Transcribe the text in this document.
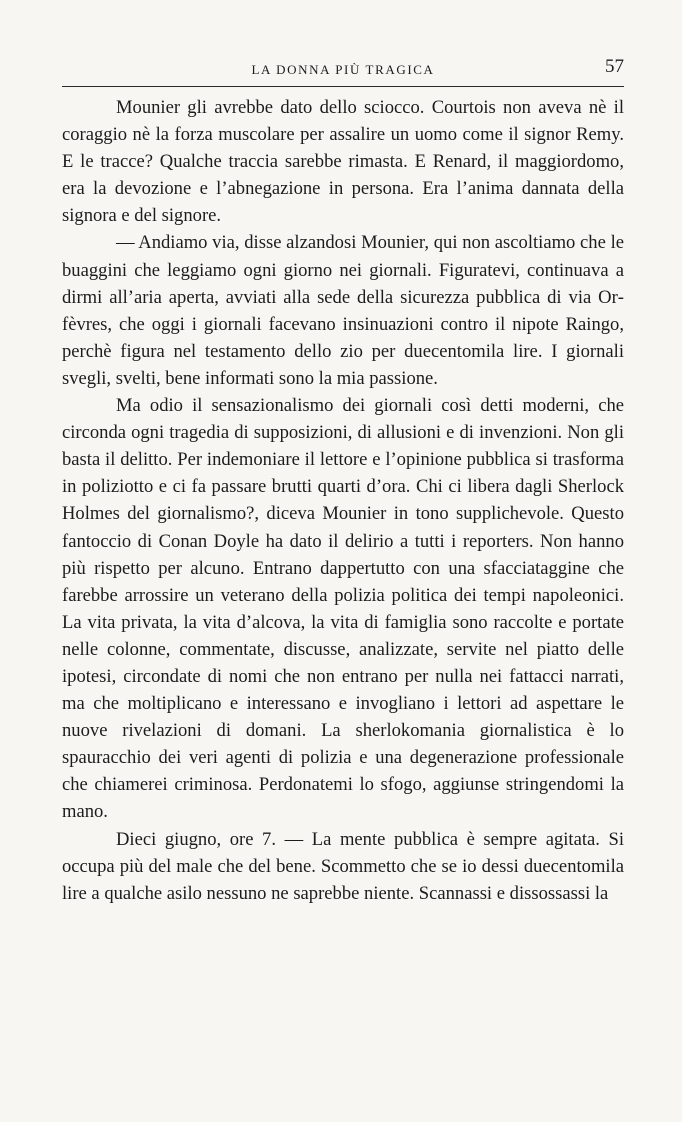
LA DONNA PIÙ TRAGICA	57

Mounier gli avrebbe dato dello sciocco. Courtois non aveva nè il coraggio nè la forza muscolare per assalire un uomo come il signor Remy. E le tracce? Qualche traccia sarebbe rimasta. E Renard, il maggiordomo, era la devozione e l’abnegazione in persona. Era l’anima dannata della signora e del signore.

— Andiamo via, disse alzandosi Mounier, qui non ascoltiamo che le buaggini che leggiamo ogni giorno nei giornali. Figuratevi, continuava a dirmi all’aria aperta, avviati alla sede della sicurezza pubblica di via Orfèvres, che oggi i giornali facevano insinuazioni contro il nipote Raingo, perchè figura nel testamento dello zio per duecentomila lire. I giornali svegli, svelti, bene informati sono la mia passione.

Ma odio il sensazionalismo dei giornali così detti moderni, che circonda ogni tragedia di supposizioni, di allusioni e di invenzioni. Non gli basta il delitto. Per indemoniare il lettore e l’opinione pubblica si trasforma in poliziotto e ci fa passare brutti quarti d’ora. Chi ci libera dagli Sherlock Holmes del giornalismo?, diceva Mounier in tono supplichevole. Questo fantoccio di Conan Doyle ha dato il delirio a tutti i reporters. Non hanno più rispetto per alcuno. Entrano dappertutto con una sfacciataggine che farebbe arrossire un veterano della polizia politica dei tempi napoleonici. La vita privata, la vita d’alcova, la vita di famiglia sono raccolte e portate nelle colonne, commentate, discusse, analizzate, servite nel piatto delle ipotesi, circondate di nomi che non entrano per nulla nei fattacci narrati, ma che moltiplicano e interessano e invogliano i lettori ad aspettare le nuove rivelazioni di domani. La sherlokomania giornalistica è lo spauracchio dei veri agenti di polizia e una degenerazione professionale che chiamerei criminosa. Perdonatemi lo sfogo, aggiunse stringendomi la mano.

Dieci giugno, ore 7. — La mente pubblica è sempre agitata. Si occupa più del male che del bene. Scommetto che se io dessi duecentomila lire a qualche asilo nessuno ne saprebbe niente. Scannassi e dissossassi la
